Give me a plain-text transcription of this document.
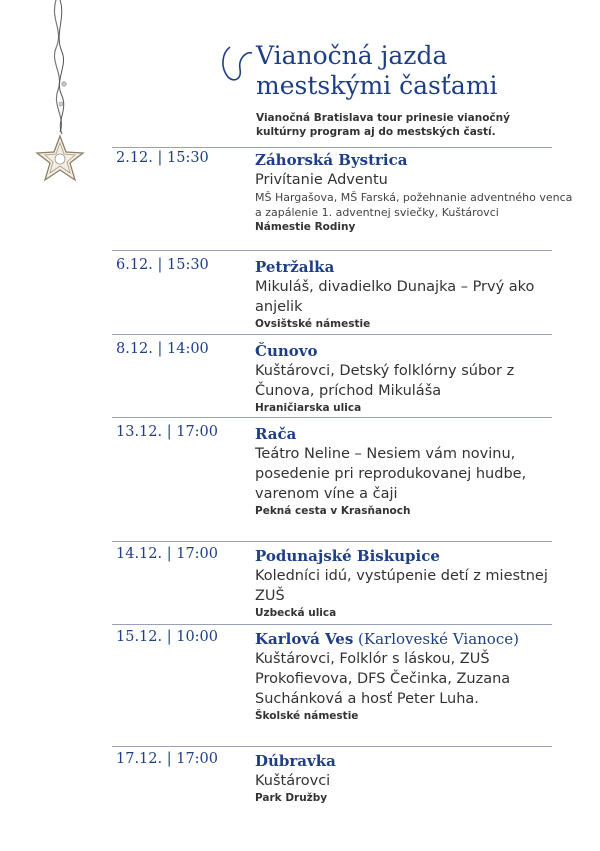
Vianočná jazda
mestskými časťami
Vianočná Bratislava tour prinesie vianočný kultúrny program aj do mestských častí.
2.12. | 15:30	Záhorská Bystrica
Privítanie Adventu
MŠ Hargašova, MŠ Farská, požehnanie adventného venca a zapálenie 1. adventnej sviečky, Kuštárovci
Námestie Rodiny
6.12. | 15:30	Petržalka
Mikuláš, divadielko Dunajka – Prvý ako anjelik
Ovsištské námestie
8.12. | 14:00	Čunovo
Kuštárovci, Detský folklórny súbor z Čunova, príchod Mikuláša
Hraničiarska ulica
13.12. | 17:00 Rača
Teátro Neline – Nesiem vám novinu, posedenie pri reprodukovanej hudbe, varenom víne a čaji
Pekná cesta v Krasňanoch
14.12. | 17:00 Podunajské Biskupice
Koledníci idú, vystúpenie detí z miestnej ZUŠ
Uzbecká ulica
15.12. | 10:00 Karlová Ves (Karloveské Vianoce)
Kuštárovci, Folklór s láskou, ZUŠ Prokofievova, DFS Čečinka, Zuzana Suchánková a hosť Peter Luha.
Školské námestie
17.12. | 17:00 Dúbravka
Kuštárovci
Park Družby
